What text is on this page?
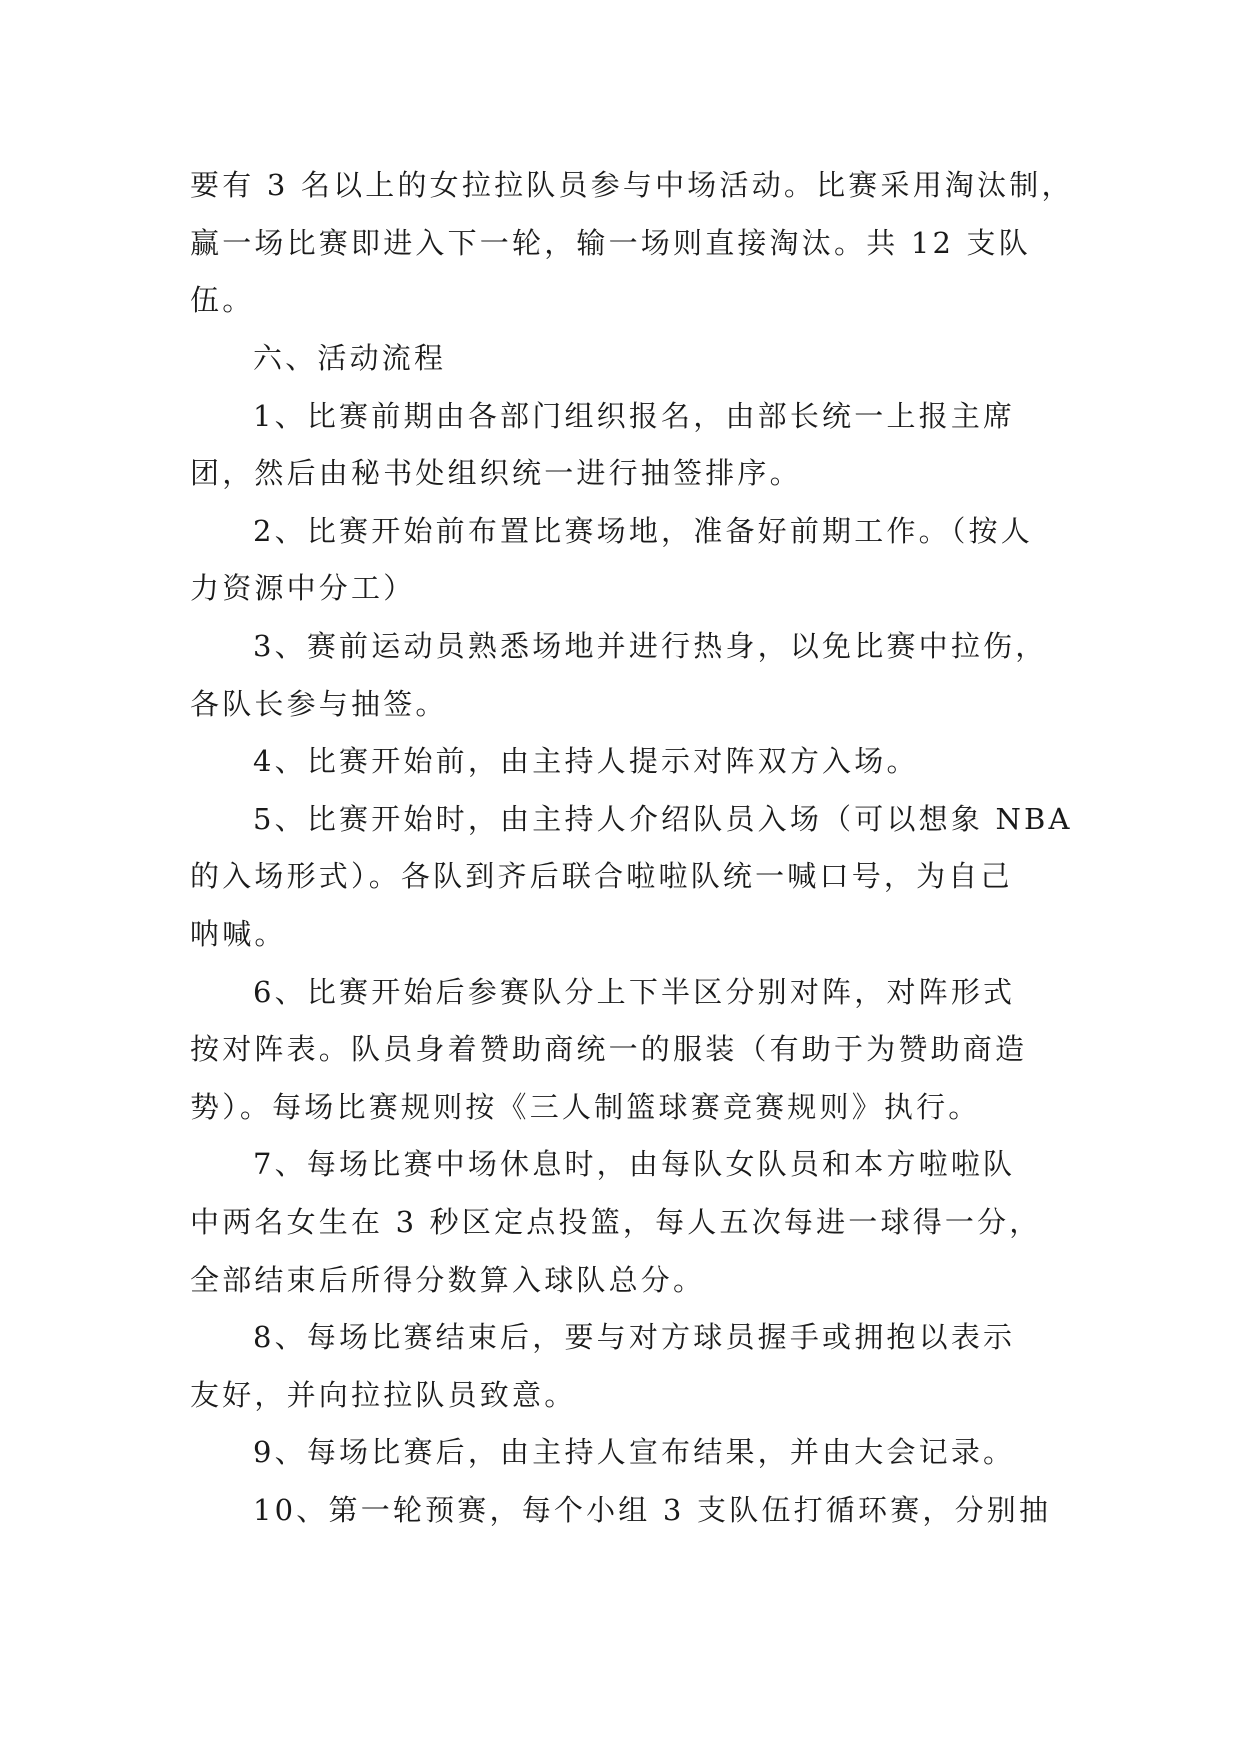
要有 3 名以上的女拉拉队员参与中场活动。比赛采用淘汰制，
赢一场比赛即进入下一轮，输一场则直接淘汰。共 12 支队
伍。
六、活动流程
1、比赛前期由各部门组织报名，由部长统一上报主席
团，然后由秘书处组织统一进行抽签排序。
2、比赛开始前布置比赛场地，准备好前期工作。（按人
力资源中分工）
3、赛前运动员熟悉场地并进行热身，以免比赛中拉伤，
各队长参与抽签。
4、比赛开始前，由主持人提示对阵双方入场。
5、比赛开始时，由主持人介绍队员入场（可以想象 NBA
的入场形式）。各队到齐后联合啦啦队统一喊口号，为自己
呐喊。
6、比赛开始后参赛队分上下半区分别对阵，对阵形式
按对阵表。队员身着赞助商统一的服装（有助于为赞助商造
势）。每场比赛规则按《三人制篮球赛竞赛规则》执行。
7、每场比赛中场休息时，由每队女队员和本方啦啦队
中两名女生在 3 秒区定点投篮，每人五次每进一球得一分，
全部结束后所得分数算入球队总分。
8、每场比赛结束后，要与对方球员握手或拥抱以表示
友好，并向拉拉队员致意。
9、每场比赛后，由主持人宣布结果，并由大会记录。
10、第一轮预赛，每个小组 3 支队伍打循环赛，分别抽
